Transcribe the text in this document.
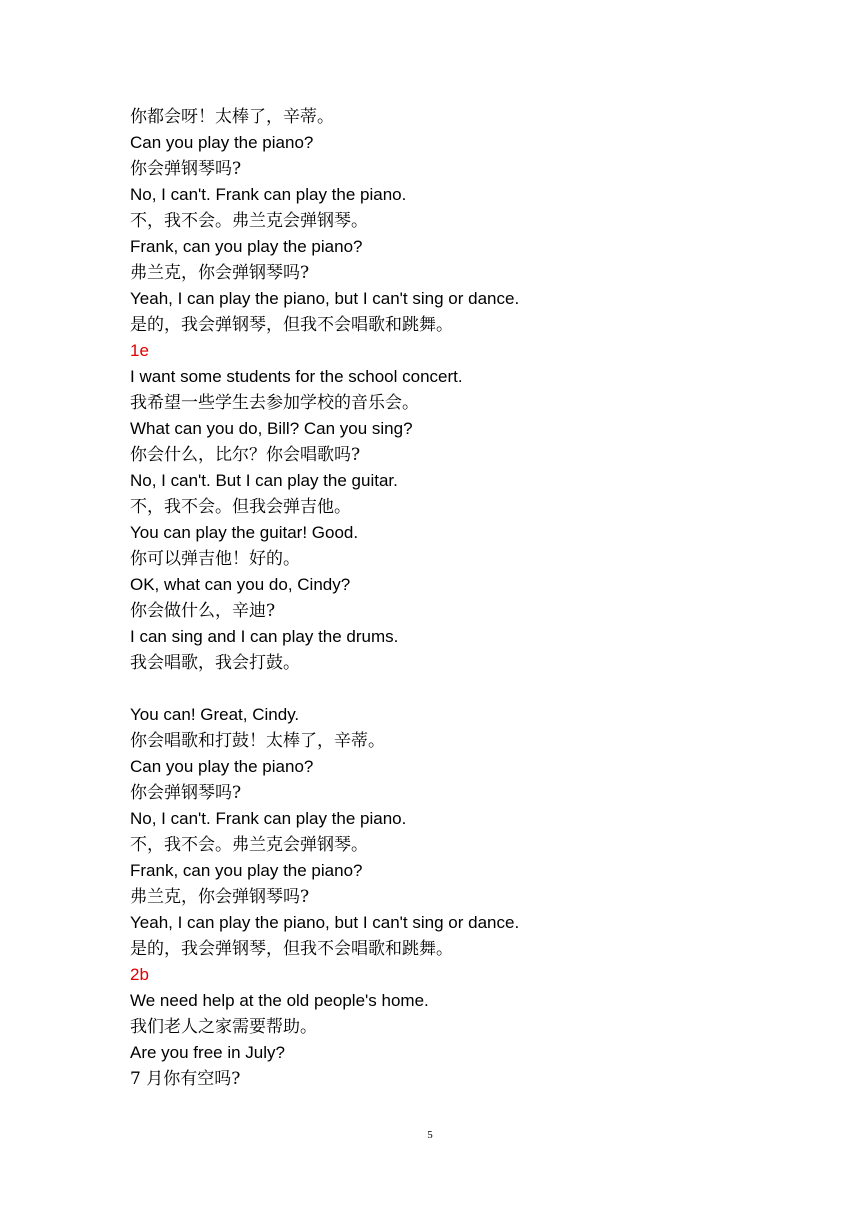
你都会呀！太棒了，辛蒂。
Can you play the piano?
你会弹钢琴吗?
No, I can't. Frank can play the piano.
不，我不会。弗兰克会弹钢琴。
Frank, can you play the piano?
弗兰克，你会弹钢琴吗?
Yeah, I can play the piano, but I can't sing or dance.
是的，我会弹钢琴，但我不会唱歌和跳舞。
1e
I want some students for the school concert.
我希望一些学生去参加学校的音乐会。
What can you do, Bill? Can you sing?
你会什么，比尔？你会唱歌吗?
No, I can't. But I can play the guitar.
不，我不会。但我会弹吉他。
You can play the guitar! Good.
你可以弹吉他！好的。
OK, what can you do, Cindy?
你会做什么，辛迪?
I can sing and I can play the drums.
我会唱歌，我会打鼓。
You can! Great, Cindy.
你会唱歌和打鼓！太棒了，辛蒂。
Can you play the piano?
你会弹钢琴吗?
No, I can't. Frank can play the piano.
不，我不会。弗兰克会弹钢琴。
Frank, can you play the piano?
弗兰克，你会弹钢琴吗?
Yeah, I can play the piano, but I can't sing or dance.
是的，我会弹钢琴，但我不会唱歌和跳舞。
2b
We need help at the old people's home.
我们老人之家需要帮助。
Are you free in July?
7 月你有空吗?
5
